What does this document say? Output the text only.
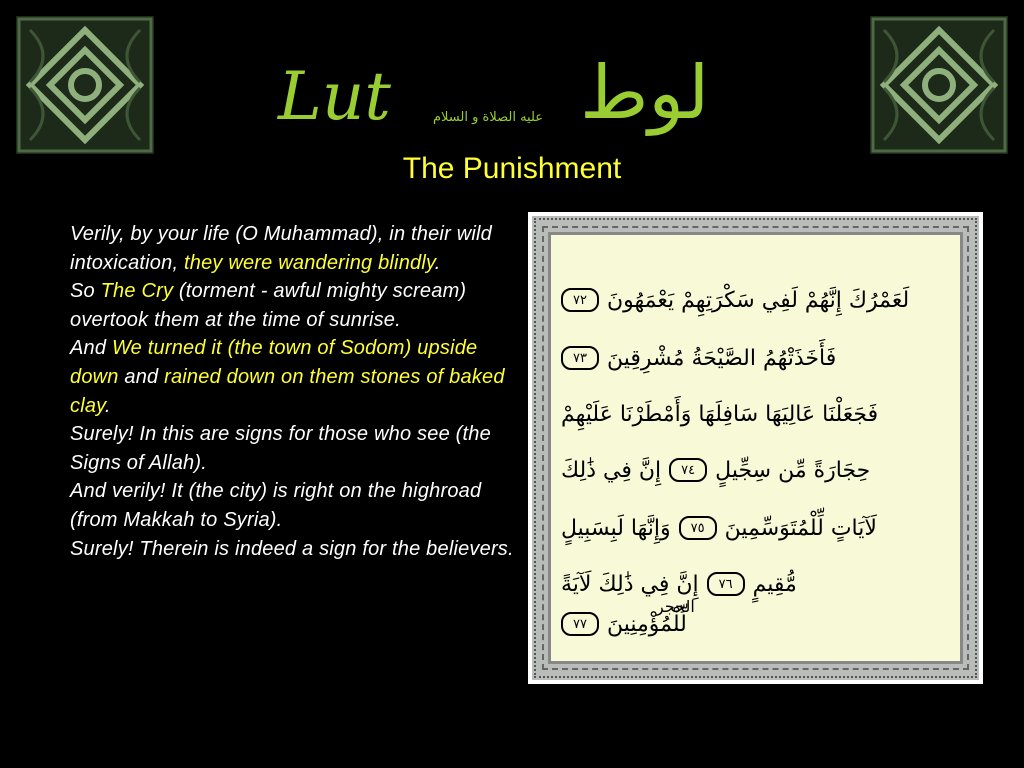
Lut	عليه الصلاة و السلام لوط
The Punishment

Verily, by your life (O Muhammad), in their wild intoxication, they were wandering blindly.

So The Cry (torment - awful mighty scream) overtook them at the time of sunrise.

And We turned it (the town of Sodom) upside down and rained down on them stones of baked clay.

Surely! In this are signs for those who see (the Signs of Allah).

And verily! It (the city) is right on the highroad (from Makkah to Syria).

Surely! Therein is indeed a sign for the believers.

لَعَمْرُكَ إِنَّهُمْ لَفِي سَكْرَتِهِمْ يَعْمَهُونَ
٧٢
فَأَخَذَتْهُمُ الصَّيْحَةُ مُشْرِقِينَ
٧٣
فَجَعَلْنَا عَالِيَهَا سَافِلَهَا وَأَمْطَرْنَا عَلَيْهِمْ
حِجَارَةً مِّن سِجِّيلٍ
٧٤
إِنَّ فِي ذَٰلِكَ
لَآيَاتٍ لِّلْمُتَوَسِّمِينَ
٧٥
وَإِنَّهَا لَبِسَبِيلٍ
مُّقِيمٍ
٧٦
إِنَّ فِي ذَٰلِكَ لَآيَةً
لِّلْمُؤْمِنِينَ
٧٧
الحجر
